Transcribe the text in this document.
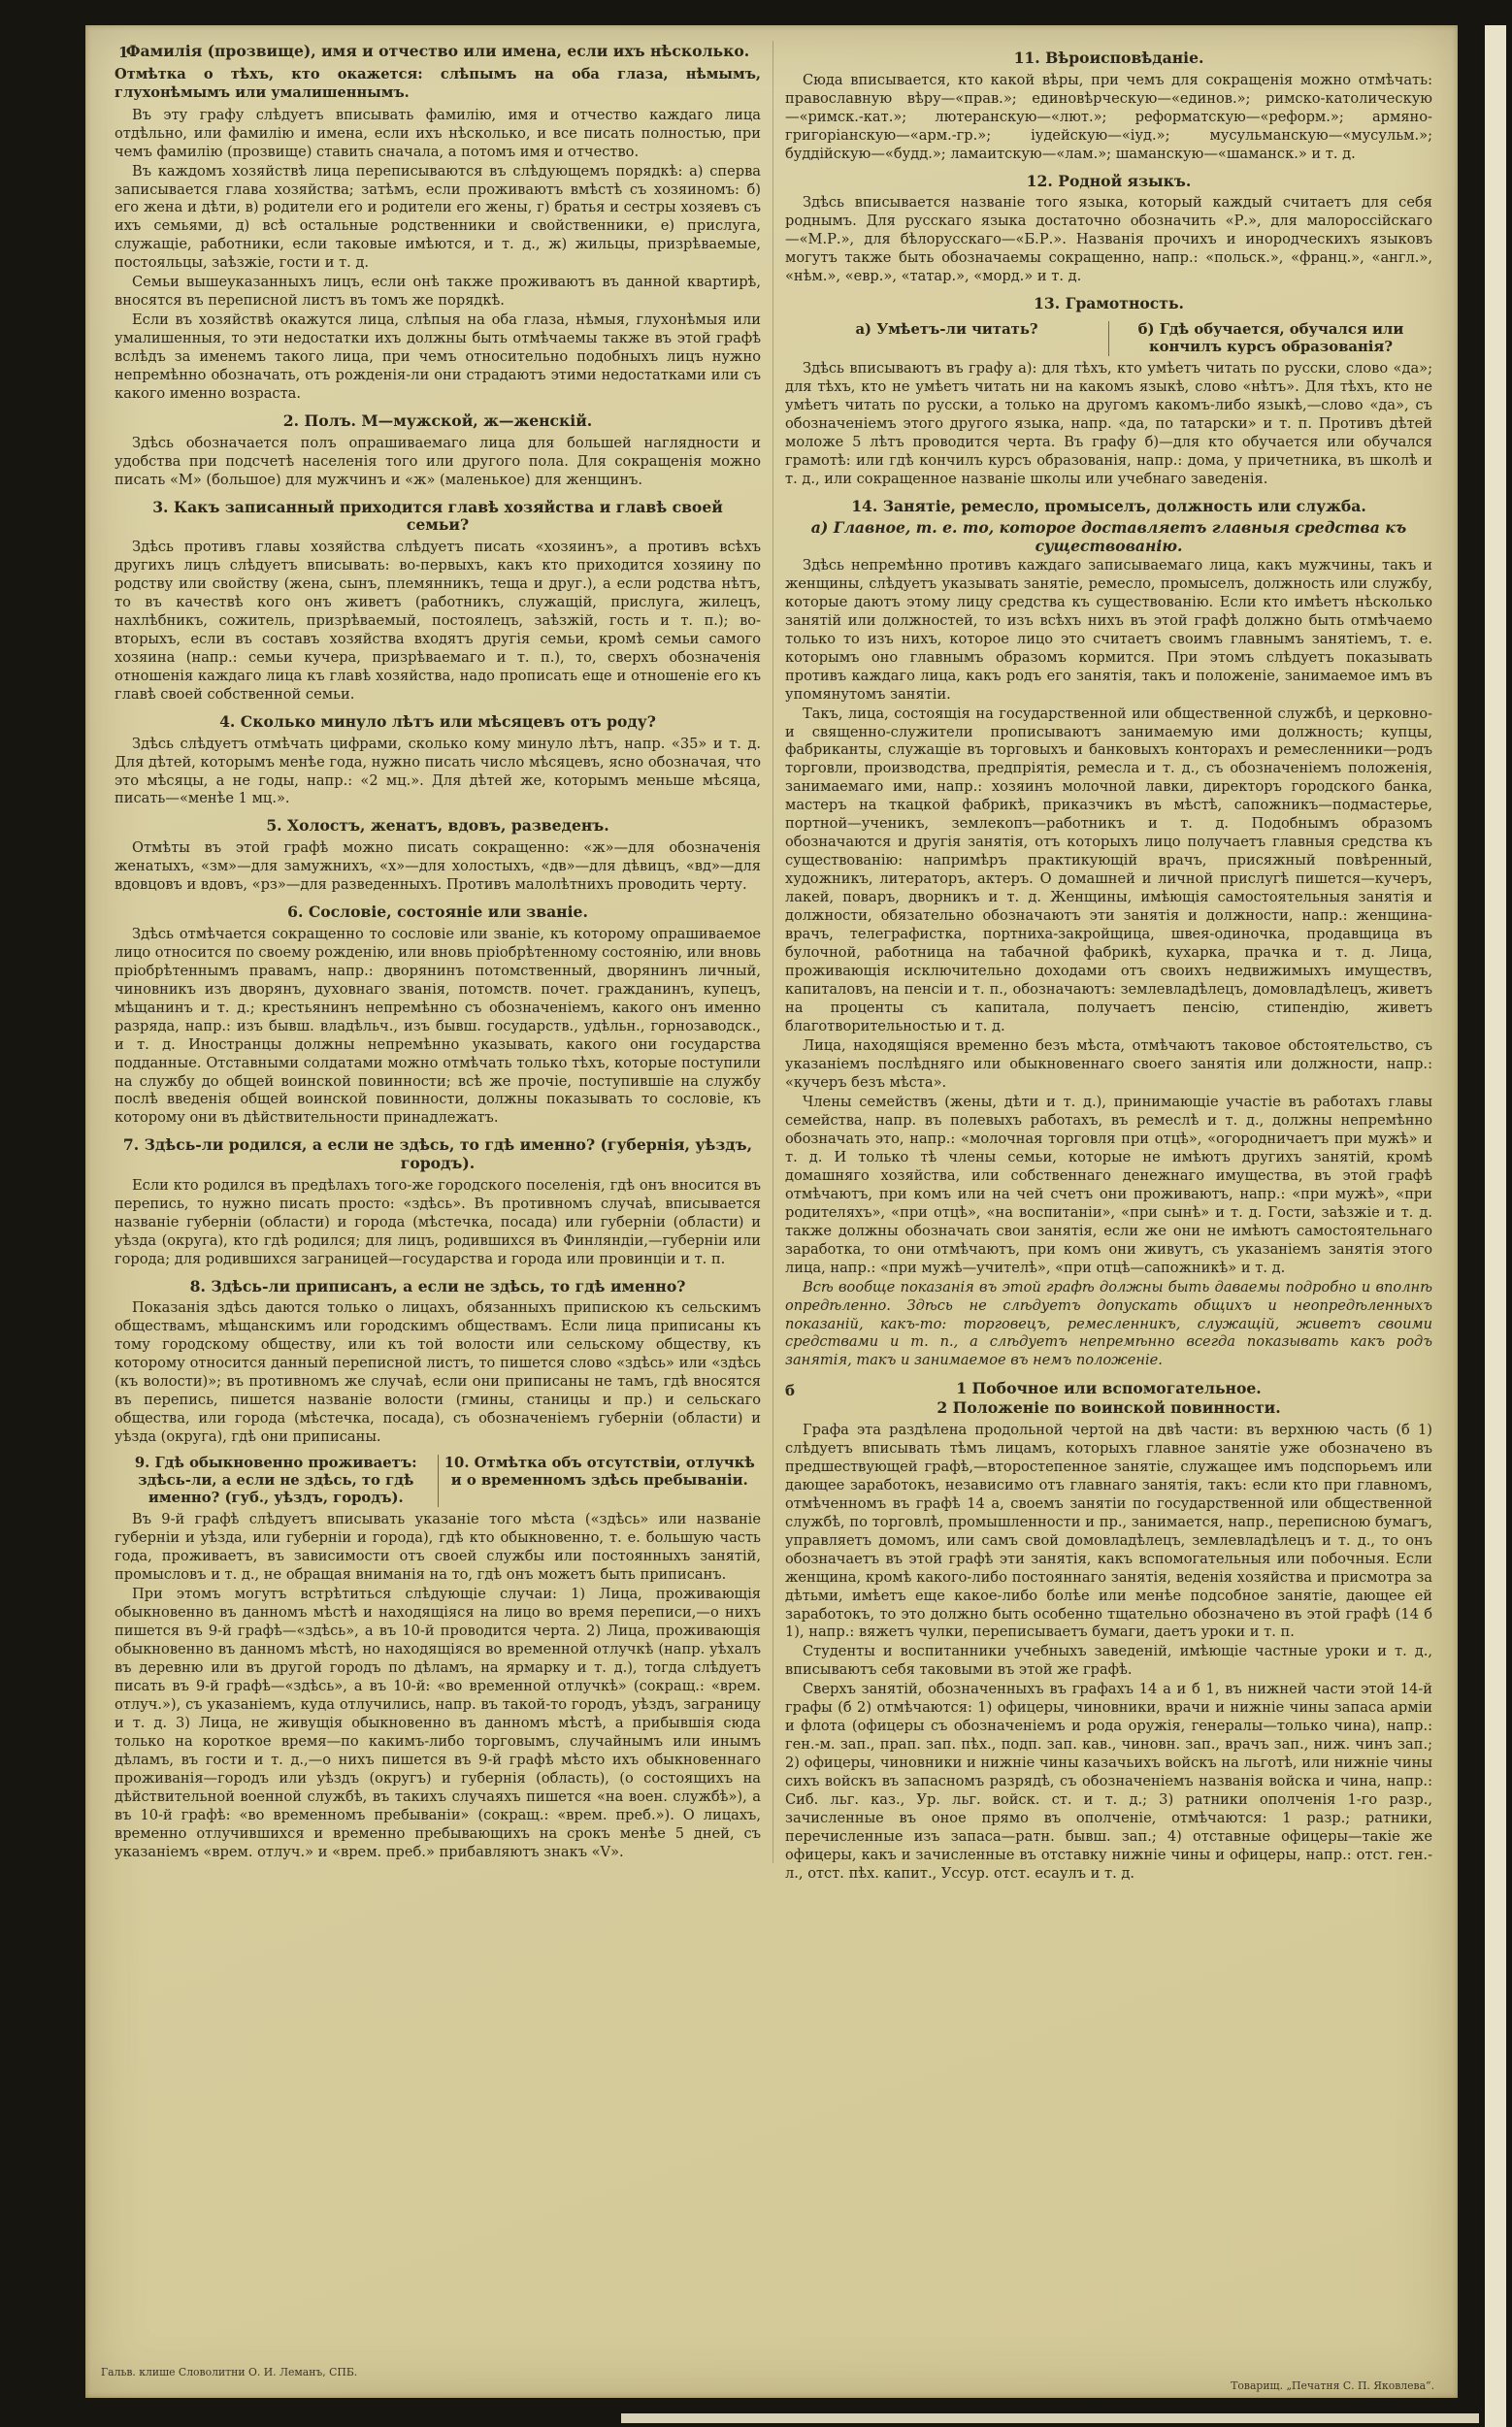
1
Фамилія (прозвище), имя и отчество или имена, если ихъ нѣсколько.

Отмѣтка о тѣхъ, кто окажется: слѣпымъ на оба глаза, нѣмымъ, глухонѣмымъ или умалишеннымъ.

Въ эту графу слѣдуетъ вписывать фамилію, имя и отчество каждаго лица отдѣльно, или фамилію и имена, если ихъ нѣсколько, и все писать полностью, при чемъ фамилію (прозвище) ставить сначала, а потомъ имя и отчество.

Въ каждомъ хозяйствѣ лица переписываются въ слѣдующемъ порядкѣ: а) сперва записывается глава хозяйства; затѣмъ, если проживаютъ вмѣстѣ съ хозяиномъ: б) его жена и дѣти, в) родители его и родители его жены, г) братья и сестры хозяевъ съ ихъ семьями, д) всѣ остальные родственники и свойственники, е) прислуга, служащіе, работники, если таковые имѣются, и т. д., ж) жильцы, призрѣваемые, постояльцы, заѣзжіе, гости и т. д.

Семьи вышеуказанныхъ лицъ, если онѣ также проживаютъ въ данной квартирѣ, вносятся въ переписной листъ въ томъ же порядкѣ.

Если въ хозяйствѣ окажутся лица, слѣпыя на оба глаза, нѣмыя, глухонѣмыя или умалишенныя, то эти недостатки ихъ должны быть отмѣчаемы также въ этой графѣ вслѣдъ за именемъ такого лица, при чемъ относительно подобныхъ лицъ нужно непремѣнно обозначать, отъ рожденія-ли они страдаютъ этими недостатками или съ какого именно возраста.

2. Полъ. М—мужской, ж—женскій.

Здѣсь обозначается полъ опрашиваемаго лица для большей наглядности и удобства при подсчетѣ населенія того или другого пола. Для сокращенія можно писать «М» (большое) для мужчинъ и «ж» (маленькое) для женщинъ.

3. Какъ записанный приходится главѣ хозяйства и главѣ своей семьи?

Здѣсь противъ главы хозяйства слѣдуетъ писать «хозяинъ», а противъ всѣхъ другихъ лицъ слѣдуетъ вписывать: во-первыхъ, какъ кто приходится хозяину по родству или свойству (жена, сынъ, племянникъ, теща и друг.), а если родства нѣтъ, то въ качествѣ кого онъ живетъ (работникъ, служащій, прислуга, жилецъ, нахлѣбникъ, сожитель, призрѣваемый, постоялецъ, заѣзжій, гость и т. п.); во-вторыхъ, если въ составъ хозяйства входятъ другія семьи, кромѣ семьи самого хозяина (напр.: семьи кучера, призрѣваемаго и т. п.), то, сверхъ обозначенія отношенія каждаго лица къ главѣ хозяйства, надо прописать еще и отношеніе его къ главѣ своей собственной семьи.

4. Сколько минуло лѣтъ или мѣсяцевъ отъ роду?

Здѣсь слѣдуетъ отмѣчать цифрами, сколько кому минуло лѣтъ, напр. «35» и т. д. Для дѣтей, которымъ менѣе года, нужно писать число мѣсяцевъ, ясно обозначая, что это мѣсяцы, а не годы, напр.: «2 мц.». Для дѣтей же, которымъ меньше мѣсяца, писать—«менѣе 1 мц.».

5. Холостъ, женатъ, вдовъ, разведенъ.

Отмѣты въ этой графѣ можно писать сокращенно: «ж»—для обозначенія женатыхъ, «зм»—для замужнихъ, «х»—для холостыхъ, «дв»—для дѣвицъ, «вд»—для вдовцовъ и вдовъ, «рз»—для разведенныхъ. Противъ малолѣтнихъ проводить черту.

6. Сословіе, состояніе или званіе.

Здѣсь отмѣчается сокращенно то сословіе или званіе, къ которому опрашиваемое лицо относится по своему рожденію, или вновь пріобрѣтенному состоянію, или вновь пріобрѣтеннымъ правамъ, напр.: дворянинъ потомственный, дворянинъ личный, чиновникъ изъ дворянъ, духовнаго званія, потомств. почет. гражданинъ, купецъ, мѣщанинъ и т. д.; крестьянинъ непремѣнно съ обозначеніемъ, какого онъ именно разряда, напр.: изъ бывш. владѣльч., изъ бывш. государств., удѣльн., горнозаводск., и т. д. Иностранцы должны непремѣнно указывать, какого они государства подданные. Отставными солдатами можно отмѣчать только тѣхъ, которые поступили на службу до общей воинской повинности; всѣ же прочіе, поступившіе на службу послѣ введенія общей воинской повинности, должны показывать то сословіе, къ которому они въ дѣйствительности принадлежатъ.

7. Здѣсь-ли родился, а если не здѣсь, то гдѣ именно? (губернія, уѣздъ, городъ).

Если кто родился въ предѣлахъ того-же городского поселенія, гдѣ онъ вносится въ перепись, то нужно писать просто: «здѣсь». Въ противномъ случаѣ, вписывается названіе губерніи (области) и города (мѣстечка, посада) или губерніи (области) и уѣзда (округа), кто гдѣ родился; для лицъ, родившихся въ Финляндіи,—губерніи или города; для родившихся заграницей—государства и города или провинціи и т. п.

8. Здѣсь-ли приписанъ, а если не здѣсь, то гдѣ именно?

Показанія здѣсь даются только о лицахъ, обязанныхъ припискою къ сельскимъ обществамъ, мѣщанскимъ или городскимъ обществамъ. Если лица приписаны къ тому городскому обществу, или къ той волости или сельскому обществу, къ которому относится данный переписной листъ, то пишется слово «здѣсь» или «здѣсь (къ волости)»; въ противномъ же случаѣ, если они приписаны не тамъ, гдѣ вносятся въ перепись, пишется названіе волости (гмины, станицы и пр.) и сельскаго общества, или города (мѣстечка, посада), съ обозначеніемъ губерніи (области) и уѣзда (округа), гдѣ они приписаны.

9. Гдѣ обыкновенно проживаетъ: здѣсь-ли, а если не здѣсь, то гдѣ именно? (губ., уѣздъ, городъ).
10. Отмѣтка объ отсутствіи, отлучкѣ и о временномъ здѣсь пребываніи.

Въ 9-й графѣ слѣдуетъ вписывать указаніе того мѣста («здѣсь» или названіе губерніи и уѣзда, или губерніи и города), гдѣ кто обыкновенно, т. е. большую часть года, проживаетъ, въ зависимости отъ своей службы или постоянныхъ занятій, промысловъ и т. д., не обращая вниманія на то, гдѣ онъ можетъ быть приписанъ.

При этомъ могутъ встрѣтиться слѣдующіе случаи: 1) Лица, проживающія обыкновенно въ данномъ мѣстѣ и находящіяся на лицо во время переписи,—о нихъ пишется въ 9-й графѣ—«здѣсь», а въ 10-й проводится черта. 2) Лица, проживающія обыкновенно въ данномъ мѣстѣ, но находящіяся во временной отлучкѣ (напр. уѣхалъ въ деревню или въ другой городъ по дѣламъ, на ярмарку и т. д.), тогда слѣдуетъ писать въ 9-й графѣ—«здѣсь», а въ 10-й: «во временной отлучкѣ» (сокращ.: «врем. отлуч.»), съ указаніемъ, куда отлучились, напр. въ такой-то городъ, уѣздъ, заграницу и т. д. 3) Лица, не живущія обыкновенно въ данномъ мѣстѣ, а прибывшія сюда только на короткое время—по какимъ-либо торговымъ, случайнымъ или инымъ дѣламъ, въ гости и т. д.,—о нихъ пишется въ 9-й графѣ мѣсто ихъ обыкновеннаго проживанія—городъ или уѣздъ (округъ) и губернія (область), (о состоящихъ на дѣйствительной военной службѣ, въ такихъ случаяхъ пишется «на воен. службѣ»), а въ 10-й графѣ: «во временномъ пребываніи» (сокращ.: «врем. преб.»). О лицахъ, временно отлучившихся и временно пребывающихъ на срокъ менѣе 5 дней, съ указаніемъ «врем. отлуч.» и «врем. преб.» прибавляютъ знакъ «V».

11. Вѣроисповѣданіе.

Сюда вписывается, кто какой вѣры, при чемъ для сокращенія можно отмѣчать: православную вѣру—«прав.»; единовѣрческую—«единов.»; римско-католическую—«римск.-кат.»; лютеранскую—«лют.»; реформатскую—«реформ.»; армяно-григоріанскую—«арм.-гр.»; іудейскую—«іуд.»; мусульманскую—«мусульм.»; буддійскую—«будд.»; ламаитскую—«лам.»; шаманскую—«шаманск.» и т. д.

12. Родной языкъ.

Здѣсь вписывается названіе того языка, который каждый считаетъ для себя роднымъ. Для русскаго языка достаточно обозначить «Р.», для малороссійскаго—«М.Р.», для бѣлорусскаго—«Б.Р.». Названія прочихъ и инородческихъ языковъ могутъ также быть обозначаемы сокращенно, напр.: «польск.», «франц.», «англ.», «нѣм.», «евр.», «татар.», «морд.» и т. д.

13. Грамотность.
а) Умѣетъ-ли читать?	б) Гдѣ обучается, обучался или кончилъ курсъ образованія?

Здѣсь вписываютъ въ графу а): для тѣхъ, кто умѣетъ читать по русски, слово «да»; для тѣхъ, кто не умѣетъ читать ни на какомъ языкѣ, слово «нѣтъ». Для тѣхъ, кто не умѣетъ читать по русски, а только на другомъ какомъ-либо языкѣ,—слово «да», съ обозначеніемъ этого другого языка, напр. «да, по татарски» и т. п. Противъ дѣтей моложе 5 лѣтъ проводится черта. Въ графу б)—для кто обучается или обучался грамотѣ: или гдѣ кончилъ курсъ образованія, напр.: дома, у причетника, въ школѣ и т. д., или сокращенное названіе школы или учебнаго заведенія.

14. Занятіе, ремесло, промыселъ, должность или служба.
а) Главное, т. е. то, которое доставляетъ главныя средства къ существованію.

Здѣсь непремѣнно противъ каждаго записываемаго лица, какъ мужчины, такъ и женщины, слѣдуетъ указывать занятіе, ремесло, промыселъ, должность или службу, которые даютъ этому лицу средства къ существованію. Если кто имѣетъ нѣсколько занятій или должностей, то изъ всѣхъ нихъ въ этой графѣ должно быть отмѣчаемо только то изъ нихъ, которое лицо это считаетъ своимъ главнымъ занятіемъ, т. е. которымъ оно главнымъ образомъ кормится. При этомъ слѣдуетъ показывать противъ каждаго лица, какъ родъ его занятія, такъ и положеніе, занимаемое имъ въ упомянутомъ занятіи.

Такъ, лица, состоящія на государственной или общественной службѣ, и церковно- и священно-служители прописываютъ занимаемую ими должность; купцы, фабриканты, служащіе въ торговыхъ и банковыхъ конторахъ и ремесленники—родъ торговли, производства, предпріятія, ремесла и т. д., съ обозначеніемъ положенія, занимаемаго ими, напр.: хозяинъ молочной лавки, директоръ городского банка, мастеръ на ткацкой фабрикѣ, приказчикъ въ мѣстѣ, сапожникъ—подмастерье, портной—ученикъ, землекопъ—работникъ и т. д. Подобнымъ образомъ обозначаются и другія занятія, отъ которыхъ лицо получаетъ главныя средства къ существованію: напримѣръ практикующій врачъ, присяжный повѣренный, художникъ, литераторъ, актеръ. О домашней и личной прислугѣ пишется—кучеръ, лакей, поваръ, дворникъ и т. д. Женщины, имѣющія самостоятельныя занятія и должности, обязательно обозначаютъ эти занятія и должности, напр.: женщина-врачъ, телеграфистка, портниха-закройщица, швея-одиночка, продавщица въ булочной, работница на табачной фабрикѣ, кухарка, прачка и т. д. Лица, проживающія исключительно доходами отъ своихъ недвижимыхъ имуществъ, капиталовъ, на пенсіи и т. п., обозначаютъ: землевладѣлецъ, домовладѣлецъ, живетъ на проценты съ капитала, получаетъ пенсію, стипендію, живетъ благотворительностью и т. д.

Лица, находящіяся временно безъ мѣста, отмѣчаютъ таковое обстоятельство, съ указаніемъ послѣдняго или обыкновеннаго своего занятія или должности, напр.: «кучеръ безъ мѣста».

Члены семействъ (жены, дѣти и т. д.), принимающіе участіе въ работахъ главы семейства, напр. въ полевыхъ работахъ, въ ремеслѣ и т. д., должны непремѣнно обозначать это, напр.: «молочная торговля при отцѣ», «огородничаетъ при мужѣ» и т. д. И только тѣ члены семьи, которые не имѣютъ другихъ занятій, кромѣ домашняго хозяйства, или собственнаго денежнаго имущества, въ этой графѣ отмѣчаютъ, при комъ или на чей счетъ они проживаютъ, напр.: «при мужѣ», «при родителяхъ», «при отцѣ», «на воспитаніи», «при сынѣ» и т. д. Гости, заѣзжіе и т. д. также должны обозначать свои занятія, если же они не имѣютъ самостоятельнаго заработка, то они отмѣчаютъ, при комъ они живутъ, съ указаніемъ занятія этого лица, напр.: «при мужѣ—учителѣ», «при отцѣ—сапожникѣ» и т. д.

Всѣ вообще показанія въ этой графѣ должны быть даваемы подробно и вполнѣ опредѣленно. Здѣсь не слѣдуетъ допускать общихъ и неопредѣленныхъ показаній, какъ-то: торговецъ, ремесленникъ, служащій, живетъ своими средствами и т. п., а слѣдуетъ непремѣнно всегда показывать какъ родъ занятія, такъ и занимаемое въ немъ положеніе.

б	1 Побочное или вспомогательное.
2 Положеніе по воинской повинности.

Графа эта раздѣлена продольной чертой на двѣ части: въ верхнюю часть (б 1) слѣдуетъ вписывать тѣмъ лицамъ, которыхъ главное занятіе уже обозначено въ предшествующей графѣ,—второстепенное занятіе, служащее имъ подспорьемъ или дающее заработокъ, независимо отъ главнаго занятія, такъ: если кто при главномъ, отмѣченномъ въ графѣ 14 а, своемъ занятіи по государственной или общественной службѣ, по торговлѣ, промышленности и пр., занимается, напр., переписною бумагъ, управляетъ домомъ, или самъ свой домовладѣлецъ, землевладѣлецъ и т. д., то онъ обозначаетъ въ этой графѣ эти занятія, какъ вспомогательныя или побочныя. Если женщина, кромѣ какого-либо постояннаго занятія, веденія хозяйства и присмотра за дѣтьми, имѣетъ еще какое-либо болѣе или менѣе подсобное занятіе, дающее ей заработокъ, то это должно быть особенно тщательно обозначено въ этой графѣ (14 б 1), напр.: вяжетъ чулки, переписываетъ бумаги, даетъ уроки и т. п.

Студенты и воспитанники учебныхъ заведеній, имѣющіе частные уроки и т. д., вписываютъ себя таковыми въ этой же графѣ.

Сверхъ занятій, обозначенныхъ въ графахъ 14 а и б 1, въ нижней части этой 14-й графы (б 2) отмѣчаются: 1) офицеры, чиновники, врачи и нижніе чины запаса арміи и флота (офицеры съ обозначеніемъ и рода оружія, генералы—только чина), напр.: ген.-м. зап., прап. зап. пѣх., подп. зап. кав., чиновн. зап., врачъ зап., ниж. чинъ зап.; 2) офицеры, чиновники и нижніе чины казачьихъ войскъ на льготѣ, или нижніе чины сихъ войскъ въ запасномъ разрядѣ, съ обозначеніемъ названія войска и чина, напр.: Сиб. льг. каз., Ур. льг. войск. ст. и т. д.; 3) ратники ополченія 1-го разр., зачисленные въ оное прямо въ ополченіе, отмѣчаются: 1 разр.; ратники, перечисленные изъ запаса—ратн. бывш. зап.; 4) отставные офицеры—такіе же офицеры, какъ и зачисленные въ отставку нижніе чины и офицеры, напр.: отст. ген.-л., отст. пѣх. капит., Уссур. отст. есаулъ и т. д.

Гальв. клише Словолитни О. И. Леманъ, СПБ.
Товарищ. „Печатня С. П. Яковлева“.
